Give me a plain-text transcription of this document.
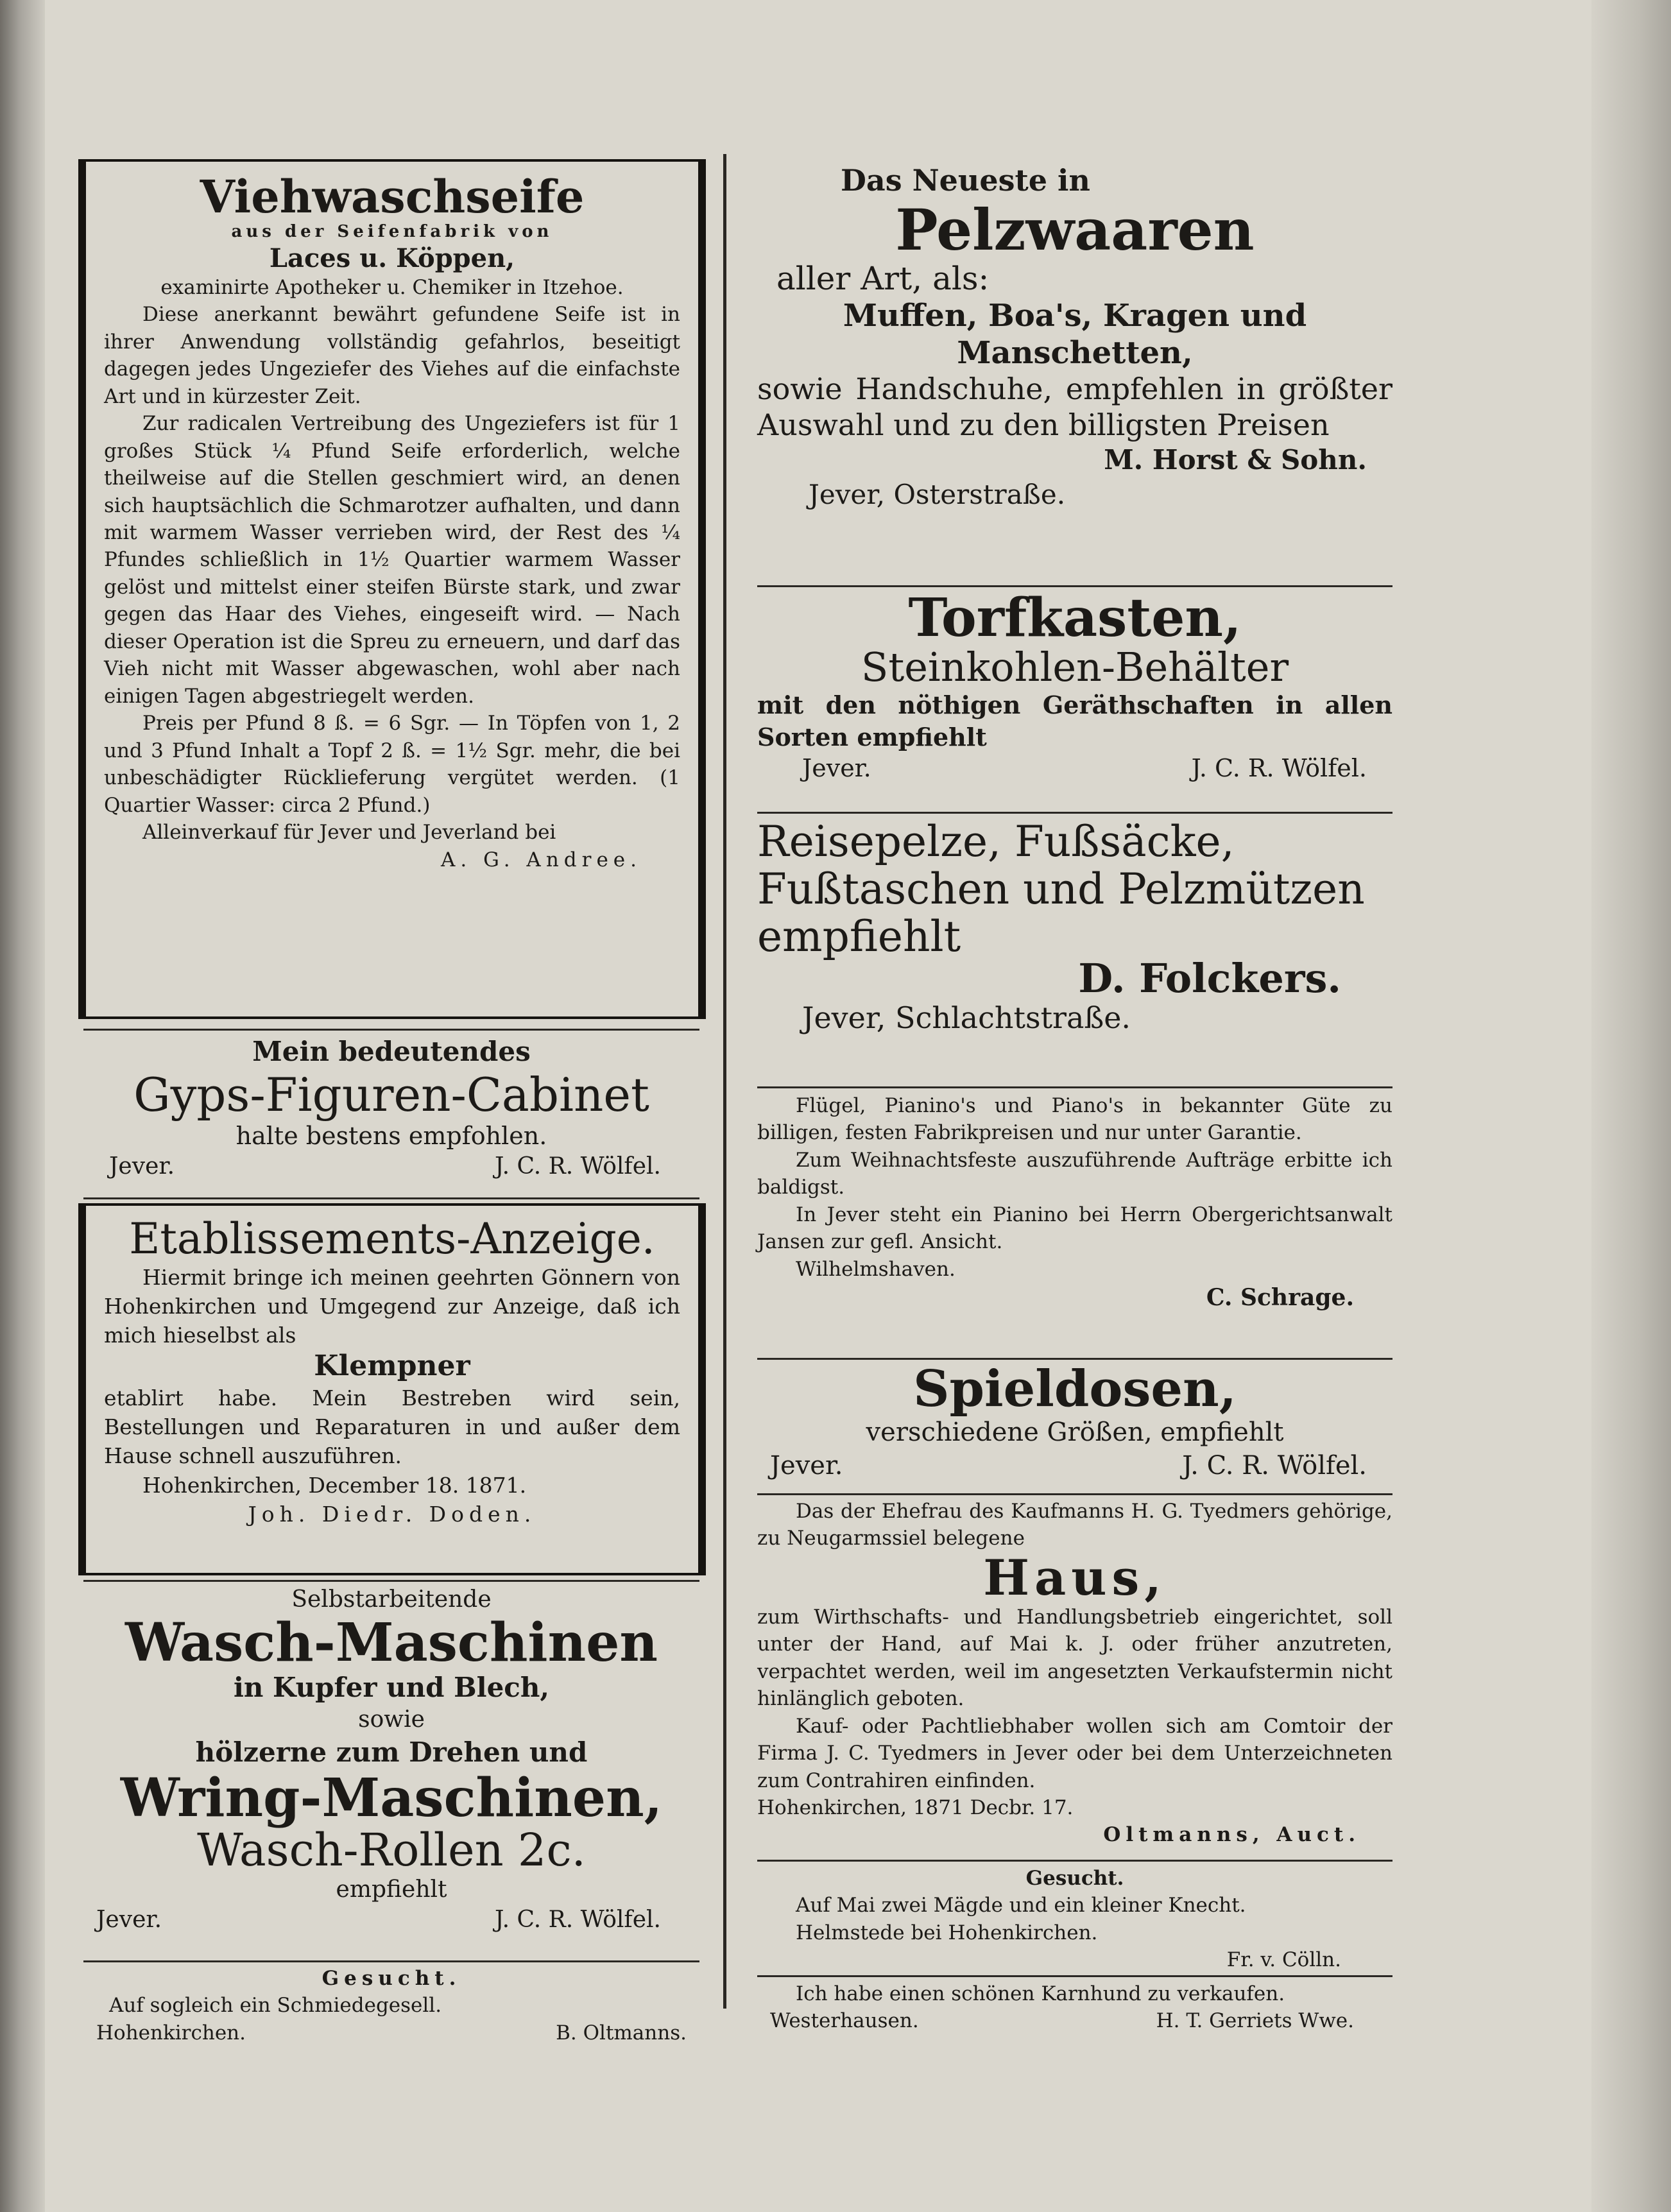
Viehwaschseife

aus der Seifenfabrik von

Laces u. Köppen,

examinirte Apotheker u. Chemiker in Itzehoe.

Diese anerkannt bewährt gefundene Seife ist in ihrer Anwendung vollständig gefahrlos, beseitigt dagegen jedes Ungeziefer des Viehes auf die einfachste Art und in kürzester Zeit.

Zur radicalen Vertreibung des Ungeziefers ist für 1 großes Stück ¼ Pfund Seife erforderlich, welche theilweise auf die Stellen geschmiert wird, an denen sich hauptsächlich die Schmarotzer aufhalten, und dann mit warmem Wasser verrieben wird, der Rest des ¼ Pfundes schließlich in 1½ Quartier warmem Wasser gelöst und mittelst einer steifen Bürste stark, und zwar gegen das Haar des Viehes, eingeseift wird. — Nach dieser Operation ist die Spreu zu erneuern, und darf das Vieh nicht mit Wasser abgewaschen, wohl aber nach einigen Tagen abgestriegelt werden.

Preis per Pfund 8 ß. = 6 Sgr. — In Töpfen von 1, 2 und 3 Pfund Inhalt a Topf 2 ß. = 1½ Sgr. mehr, die bei unbeschädigter Rücklieferung vergütet werden. (1 Quartier Wasser: circa 2 Pfund.)

Alleinverkauf für Jever und Jeverland bei

A. G. Andree.

Mein bedeutendes

Gyps-Figuren-Cabinet

halte bestens empfohlen.

Jever.	J. C. R. Wölfel.

Etablissements-Anzeige.

Hiermit bringe ich meinen geehrten Gönnern von Hohenkirchen und Umgegend zur Anzeige, daß ich mich hieselbst als

Klempner

etablirt habe. Mein Bestreben wird sein, Bestellungen und Reparaturen in und außer dem Hause schnell auszuführen.

Hohenkirchen, December 18. 1871.

Joh. Diedr. Doden.

Selbstarbeitende

Wasch-Maschinen

in Kupfer und Blech,

sowie

hölzerne zum Drehen und

Wring-Maschinen,

Wasch-Rollen 2c.

empfiehlt

Jever.	J. C. R. Wölfel.

Gesucht.

Auf sogleich ein Schmiedegesell.

Hohenkirchen.	B. Oltmanns.

Das Neueste in

Pelzwaaren

aller Art, als:

Muffen, Boa's, Kragen und Manschetten,

sowie Handschuhe, empfehlen in größter Auswahl und zu den billigsten Preisen

M. Horst & Sohn.

Jever, Osterstraße.

Torfkasten,

Steinkohlen-Behälter

mit den nöthigen Geräthschaften in allen Sorten empfiehlt

Jever.	J. C. R. Wölfel.

Reisepelze, Fußsäcke, Fußtaschen und Pelzmützen empfiehlt

D. Folckers.

Jever, Schlachtstraße.

Flügel, Pianino's und Piano's in bekannter Güte zu billigen, festen Fabrikpreisen und nur unter Garantie.

Zum Weihnachtsfeste auszuführende Aufträge erbitte ich baldigst.

In Jever steht ein Pianino bei Herrn Obergerichtsanwalt Jansen zur gefl. Ansicht.

Wilhelmshaven.

C. Schrage.

Spieldosen,

verschiedene Größen, empfiehlt

Jever.	J. C. R. Wölfel.

Das der Ehefrau des Kaufmanns H. G. Tyedmers gehörige, zu Neugarmssiel belegene

Haus,

zum Wirthschafts- und Handlungsbetrieb eingerichtet, soll unter der Hand, auf Mai k. J. oder früher anzutreten, verpachtet werden, weil im angesetzten Verkaufstermin nicht hinlänglich geboten.

Kauf- oder Pachtliebhaber wollen sich am Comtoir der Firma J. C. Tyedmers in Jever oder bei dem Unterzeichneten zum Contrahiren einfinden.

Hohenkirchen, 1871 Decbr. 17.

Oltmanns, Auct.

Gesucht.

Auf Mai zwei Mägde und ein kleiner Knecht.

Helmstede bei Hohenkirchen.

Fr. v. Cölln.

Ich habe einen schönen Karnhund zu verkaufen.

Westerhausen.	H. T. Gerriets Wwe.
